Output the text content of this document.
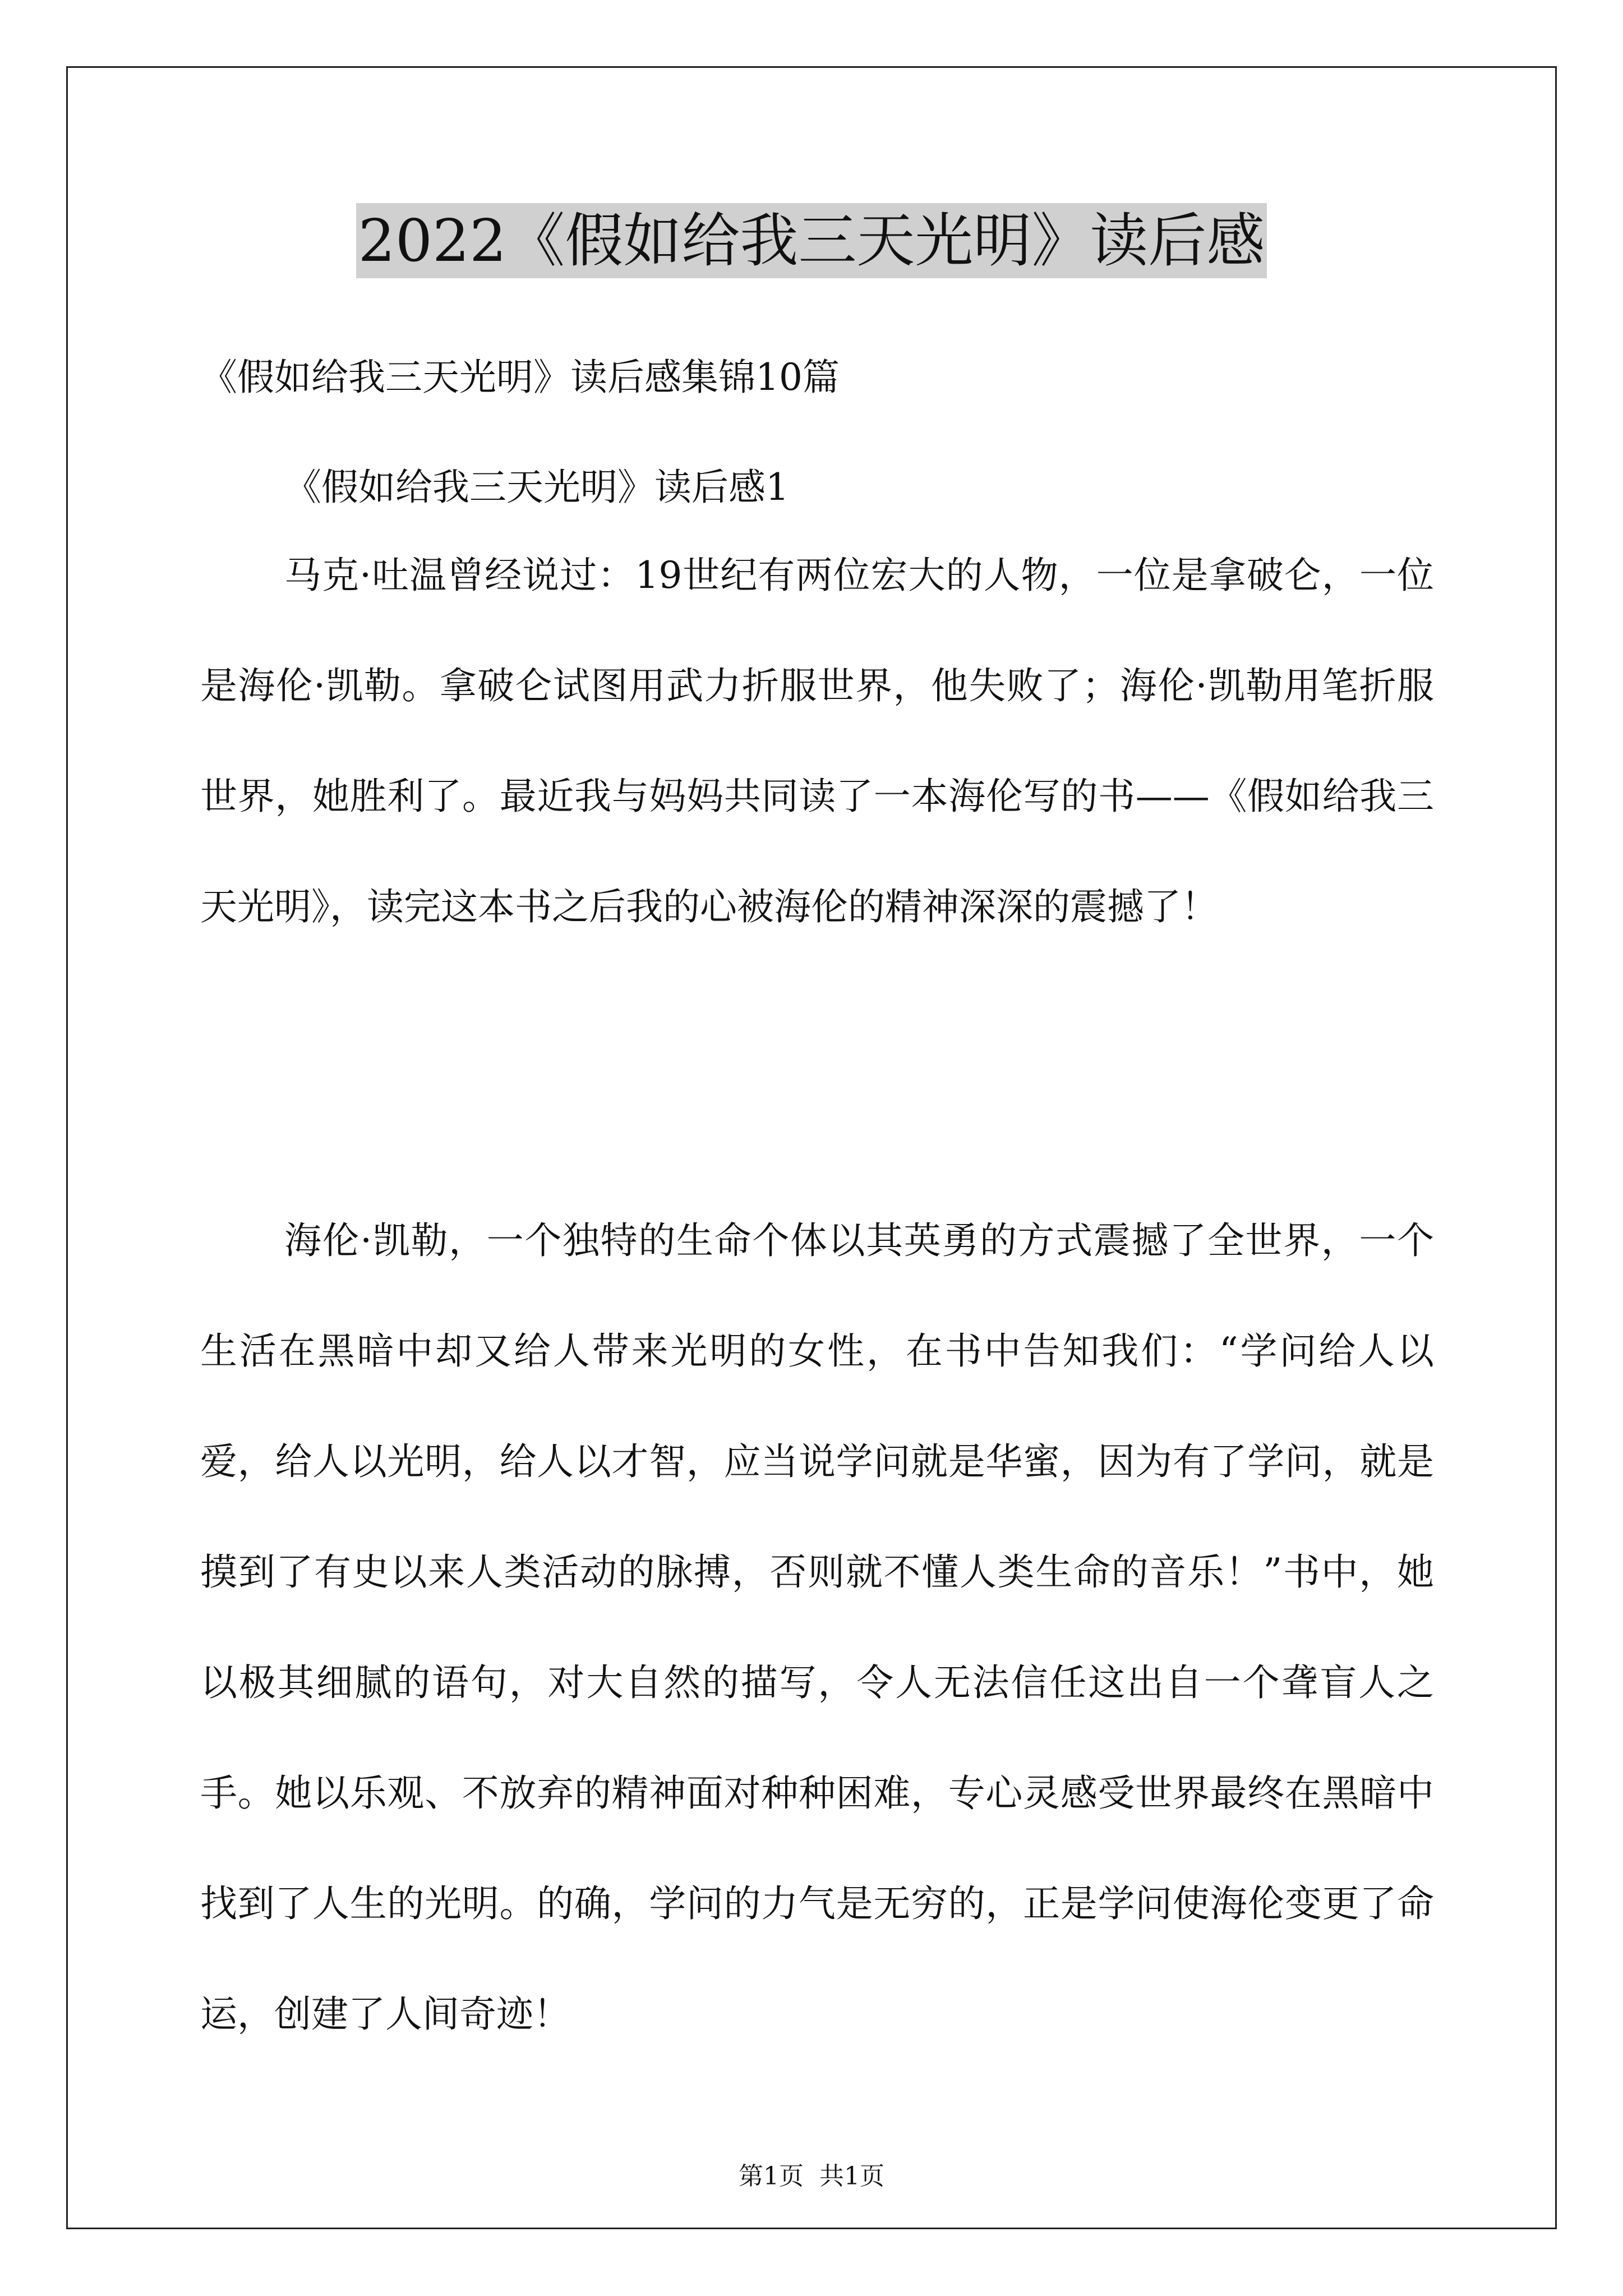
2022《假如给我三天光明》读后感
《假如给我三天光明》读后感集锦10篇
《假如给我三天光明》读后感1

马克·吐温曾经说过：19世纪有两位宏大的人物，一位是拿破仑，一位是海伦·凯勒。拿破仑试图用武力折服世界，他失败了；海伦·凯勒用笔折服世界，她胜利了。最近我与妈妈共同读了一本海伦写的书——《假如给我三天光明》，读完这本书之后我的心被海伦的精神深深的震撼了！

海伦·凯勒，一个独特的生命个体以其英勇的方式震撼了全世界，一个生活在黑暗中却又给人带来光明的女性，在书中告知我们：“学问给人以爱，给人以光明，给人以才智，应当说学问就是华蜜，因为有了学问，就是摸到了有史以来人类活动的脉搏，否则就不懂人类生命的音乐！”书中，她以极其细腻的语句，对大自然的描写，令人无法信任这出自一个聋盲人之手。她以乐观、不放弃的精神面对种种困难，专心灵感受世界最终在黑暗中找到了人生的光明。的确，学问的力气是无穷的，正是学问使海伦变更了命运，创建了人间奇迹！

第1页 共1页
